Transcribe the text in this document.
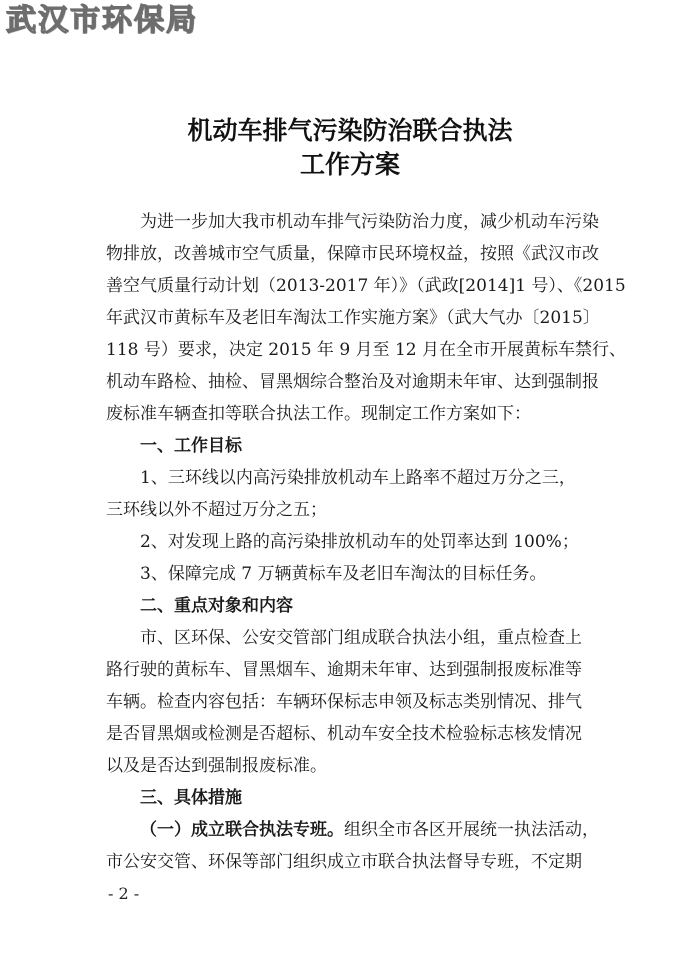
武汉市环保局
机动车排气污染防治联合执法
工作方案
为进一步加大我市机动车排气污染防治力度，减少机动车污染
物排放，改善城市空气质量，保障市民环境权益，按照《武汉市改
善空气质量行动计划（2013-2017 年）》（武政[2014]1 号）、《2015
年武汉市黄标车及老旧车淘汰工作实施方案》（武大气办〔2015〕
118 号）要求，决定 2015 年 9 月至 12 月在全市开展黄标车禁行、
机动车路检、抽检、冒黑烟综合整治及对逾期未年审、达到强制报
废标准车辆查扣等联合执法工作。现制定工作方案如下：
一、工作目标
1、三环线以内高污染排放机动车上路率不超过万分之三，
三环线以外不超过万分之五；
2、对发现上路的高污染排放机动车的处罚率达到 100%；
3、保障完成 7 万辆黄标车及老旧车淘汰的目标任务。
二、重点对象和内容
市、区环保、公安交管部门组成联合执法小组，重点检查上
路行驶的黄标车、冒黑烟车、逾期未年审、达到强制报废标准等
车辆。检查内容包括：车辆环保标志申领及标志类别情况、排气
是否冒黑烟或检测是否超标、机动车安全技术检验标志核发情况
以及是否达到强制报废标准。
三、具体措施
（一）成立联合执法专班。组织全市各区开展统一执法活动，
市公安交管、环保等部门组织成立市联合执法督导专班，不定期
- 2 -
